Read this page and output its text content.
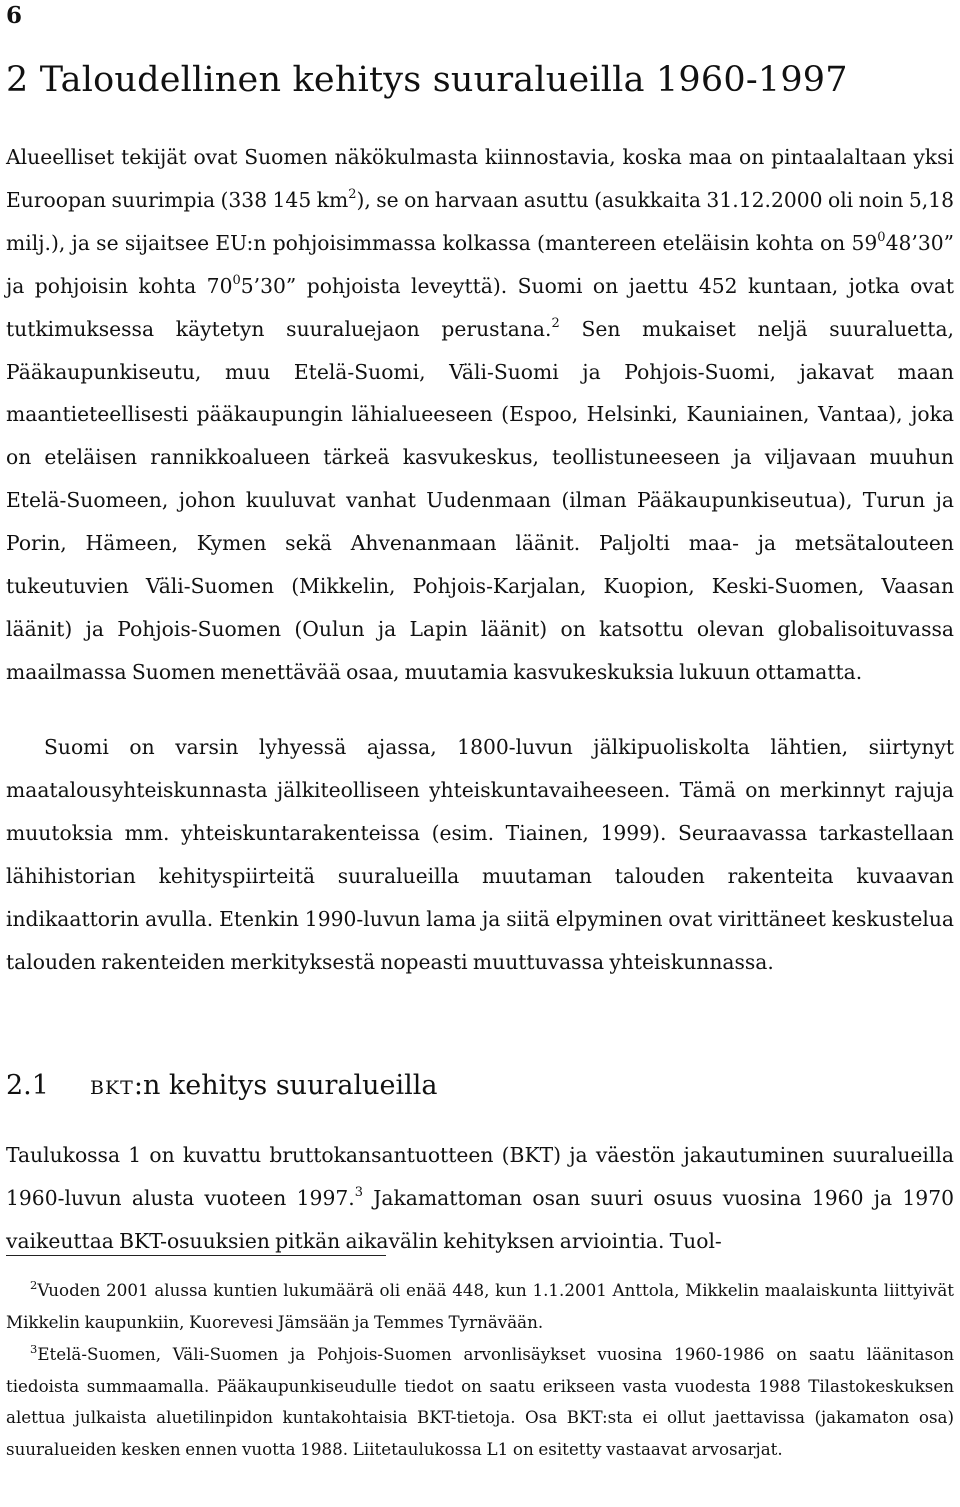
6
2 Taloudellinen kehitys suuralueilla 1960-1997

Alueelliset tekijät ovat Suomen näkökulmasta kiinnostavia, koska maa on pintaalaltaan yksi Euroopan suurimpia (338 145 $km^2$), se on harvaan asuttu (asukkaita 31.12.2000 oli noin 5,18 milj.), ja se sijaitsee EU:n pohjoisimmassa kolkassa (mantereen eteläisin kohta on $59^048’30$” ja pohjoisin kohta $70^05’30$” pohjoista leveyttä). Suomi on jaettu 452 kuntaan, jotka ovat tutkimuksessa käytetyn suuraluejaon perustana.$^2$ Sen mukaiset neljä suuraluetta, Pääkaupunkiseutu, muu Etelä-Suomi, Väli-Suomi ja Pohjois-Suomi, jakavat maan maantieteellisesti pääkaupungin lähialueeseen (Espoo, Helsinki, Kauniainen, Vantaa), joka on eteläisen rannikkoalueen tärkeä kasvukeskus, teollistuneeseen ja viljavaan muuhun Etelä-Suomeen, johon kuuluvat vanhat Uudenmaan (ilman Pääkaupunkiseutua), Turun ja Porin, Hämeen, Kymen sekä Ahvenanmaan läänit. Paljolti maa- ja metsätalouteen tukeutuvien Väli-Suomen (Mikkelin, Pohjois-Karjalan, Kuopion, Keski-Suomen, Vaasan läänit) ja Pohjois-Suomen (Oulun ja Lapin läänit) on katsottu olevan globalisoituvassa maailmassa Suomen menettävää osaa, muutamia kasvukeskuksia lukuun ottamatta.

Suomi on varsin lyhyessä ajassa, 1800-luvun jälkipuoliskolta lähtien, siirtynyt maatalousyhteiskunnasta jälkiteolliseen yhteiskuntavaiheeseen. Tämä on merkinnyt rajuja muutoksia mm. yhteiskuntarakenteissa (esim. Tiainen, 1999). Seuraavassa tarkastellaan lähihistorian kehityspiirteitä suuralueilla muutaman talouden rakenteita kuvaavan indikaattorin avulla. Etenkin 1990-luvun lama ja siitä elpyminen ovat virittäneet keskustelua talouden rakenteiden merkityksestä nopeasti muuttuvassa yhteiskunnassa.

2.1 bkt:n kehitys suuralueilla

Taulukossa 1 on kuvattu bruttokansantuotteen (BKT) ja väestön jakautuminen suuralueilla 1960-luvun alusta vuoteen 1997.$^3$ Jakamattoman osan suuri osuus vuosina 1960 ja 1970 vaikeuttaa BKT-osuuksien pitkän aikavälin kehityksen arviointia. Tuol-

$^2$Vuoden 2001 alussa kuntien lukumäärä oli enää 448, kun 1.1.2001 Anttola, Mikkelin maalaiskunta liittyivät Mikkelin kaupunkiin, Kuorevesi Jämsään ja Temmes Tyrnävään.

$^3$Etelä-Suomen, Väli-Suomen ja Pohjois-Suomen arvonlisäykset vuosina 1960-1986 on saatu läänitason tiedoista summaamalla. Pääkaupunkiseudulle tiedot on saatu erikseen vasta vuodesta 1988 Tilastokeskuksen alettua julkaista aluetilinpidon kuntakohtaisia BKT-tietoja. Osa BKT:sta ei ollut jaettavissa (jakamaton osa) suuralueiden kesken ennen vuotta 1988. Liitetaulukossa L1 on esitetty vastaavat arvosarjat.
